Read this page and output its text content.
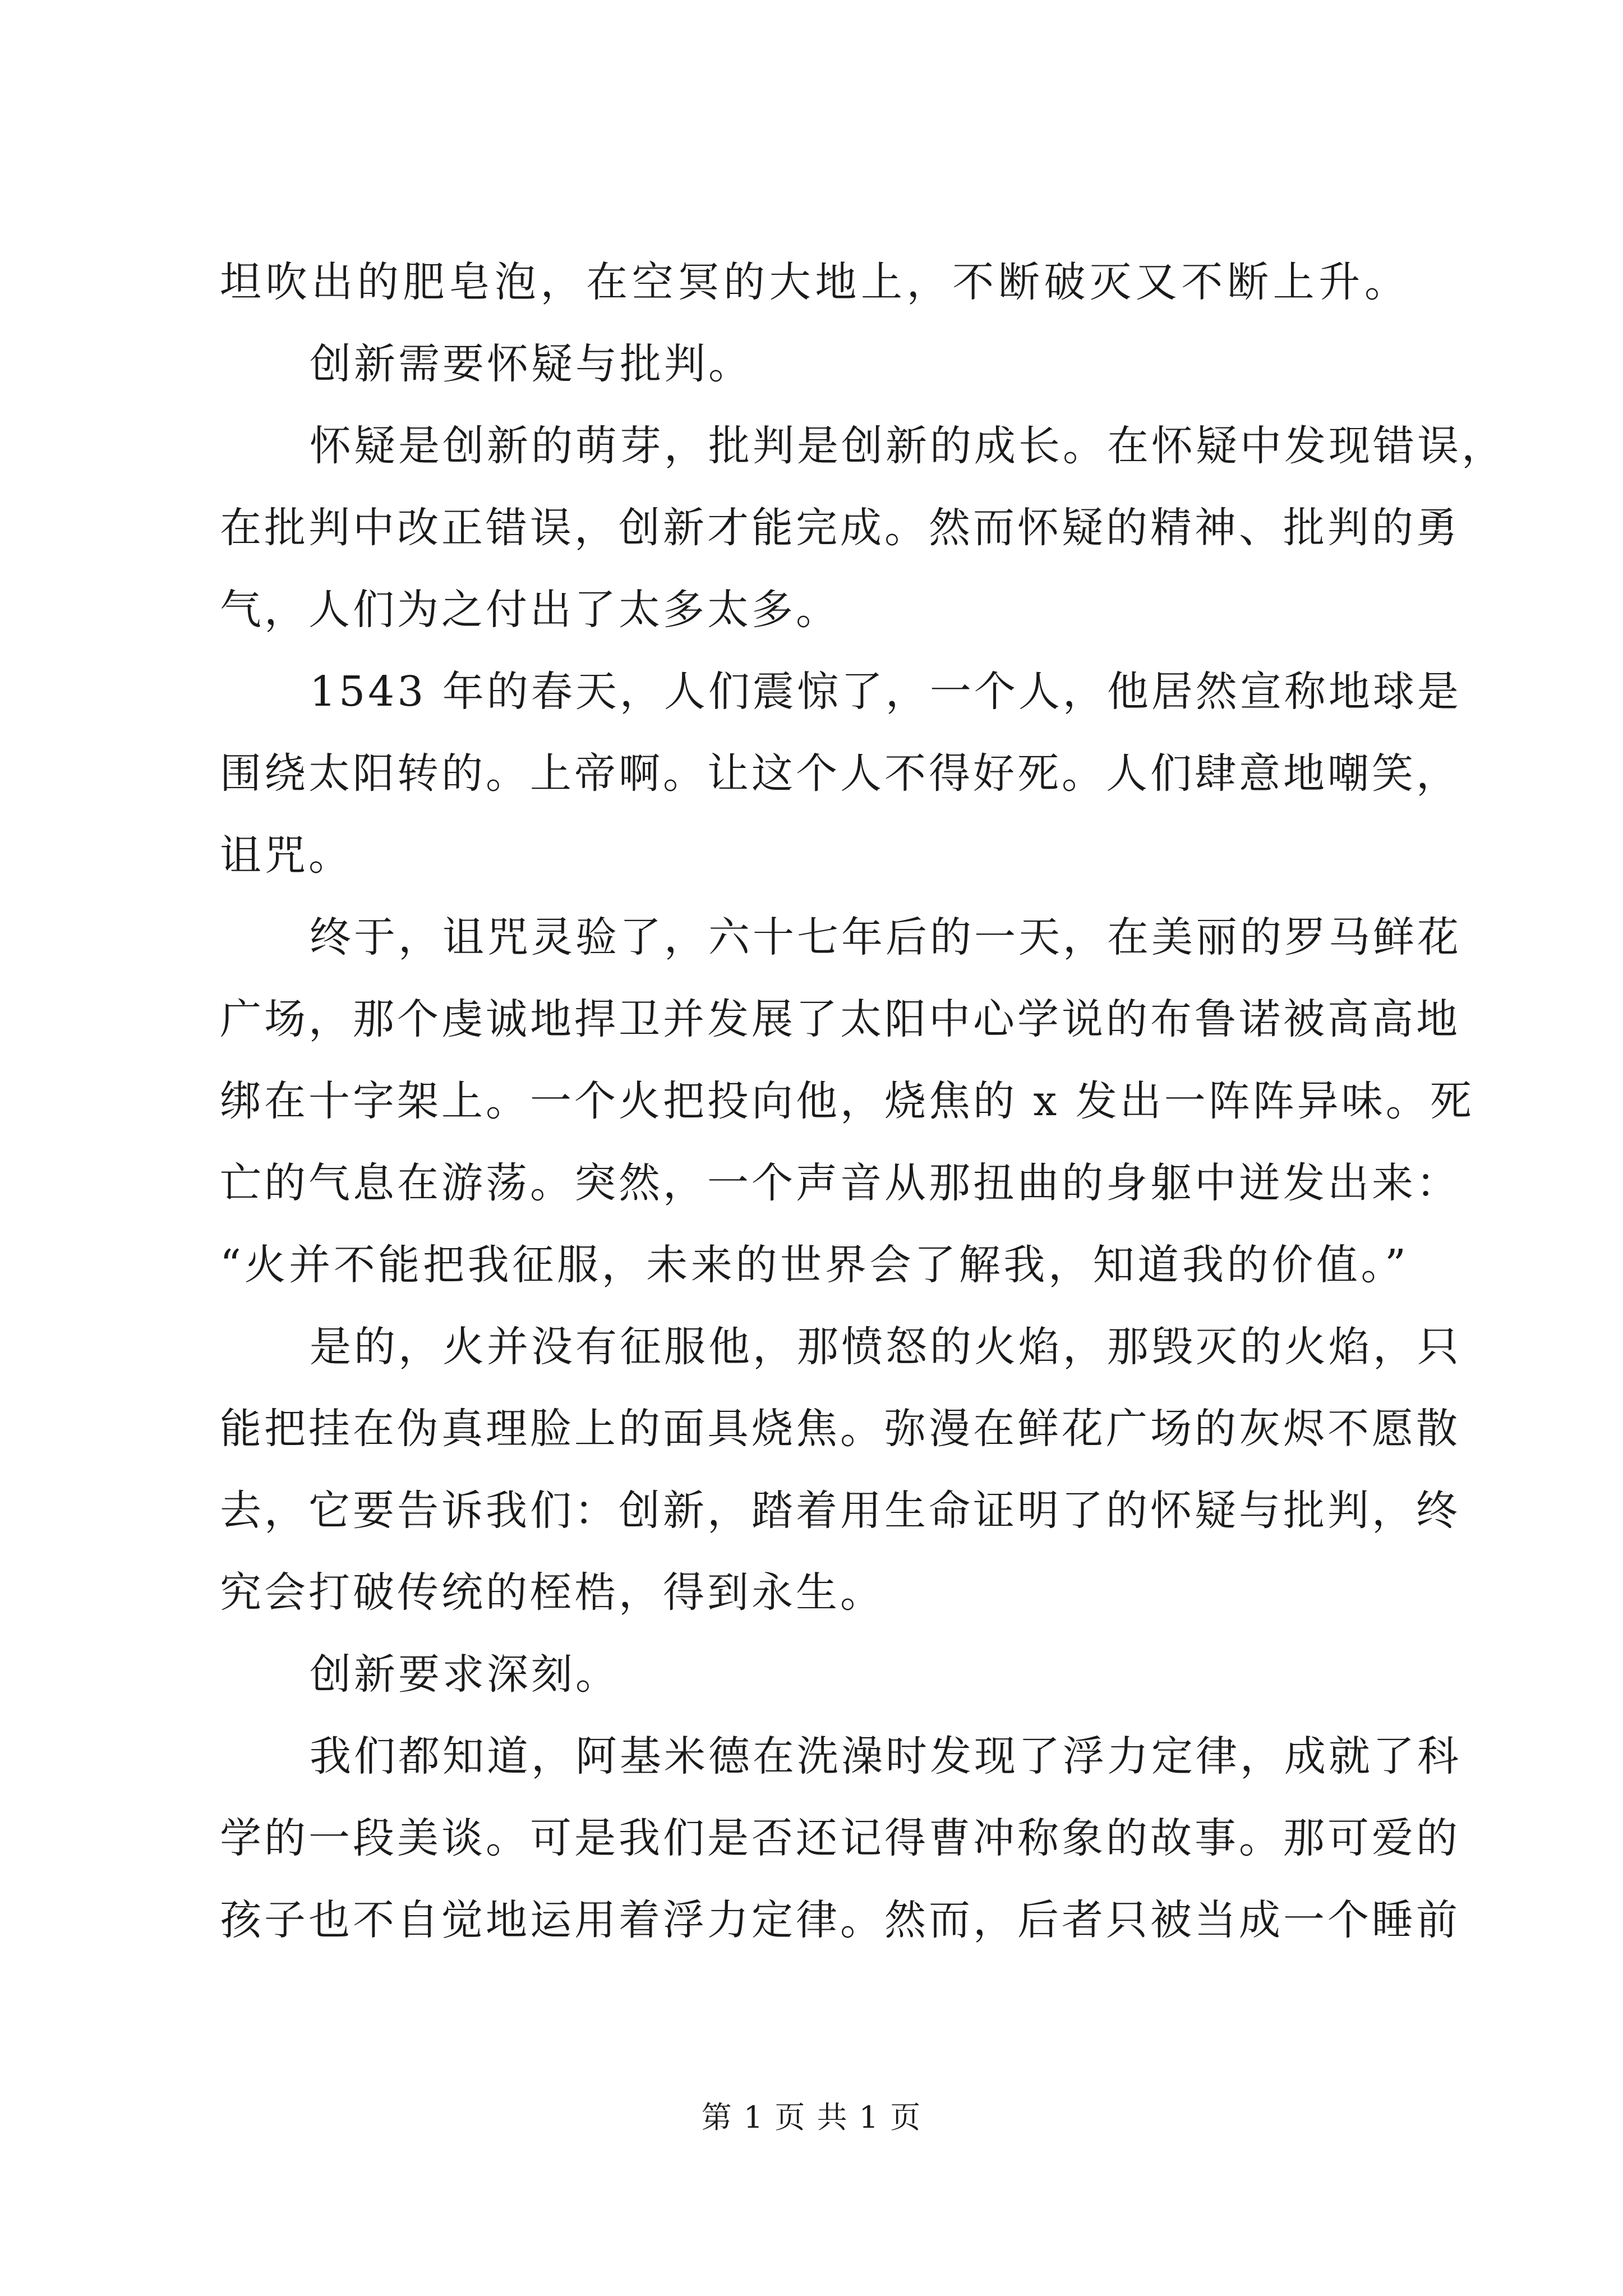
坦吹出的肥皂泡，在空冥的大地上，不断破灭又不断上升。
创新需要怀疑与批判。
怀疑是创新的萌芽，批判是创新的成长。在怀疑中发现错误，
在批判中改正错误，创新才能完成。然而怀疑的精神、批判的勇
气，人们为之付出了太多太多。
1543 年的春天，人们震惊了，一个人，他居然宣称地球是
围绕太阳转的。上帝啊。让这个人不得好死。人们肆意地嘲笑，
诅咒。
终于，诅咒灵验了，六十七年后的一天，在美丽的罗马鲜花
广场，那个虔诚地捍卫并发展了太阳中心学说的布鲁诺被高高地
绑在十字架上。一个火把投向他，烧焦的 x 发出一阵阵异味。死
亡的气息在游荡。突然，一个声音从那扭曲的身躯中迸发出来：
“火并不能把我征服，未来的世界会了解我，知道我的价值。”
是的，火并没有征服他，那愤怒的火焰，那毁灭的火焰，只
能把挂在伪真理脸上的面具烧焦。弥漫在鲜花广场的灰烬不愿散
去，它要告诉我们：创新，踏着用生命证明了的怀疑与批判，终
究会打破传统的桎梏，得到永生。
创新要求深刻。
我们都知道，阿基米德在洗澡时发现了浮力定律，成就了科
学的一段美谈。可是我们是否还记得曹冲称象的故事。那可爱的
孩子也不自觉地运用着浮力定律。然而，后者只被当成一个睡前
第 1 页 共 1 页
